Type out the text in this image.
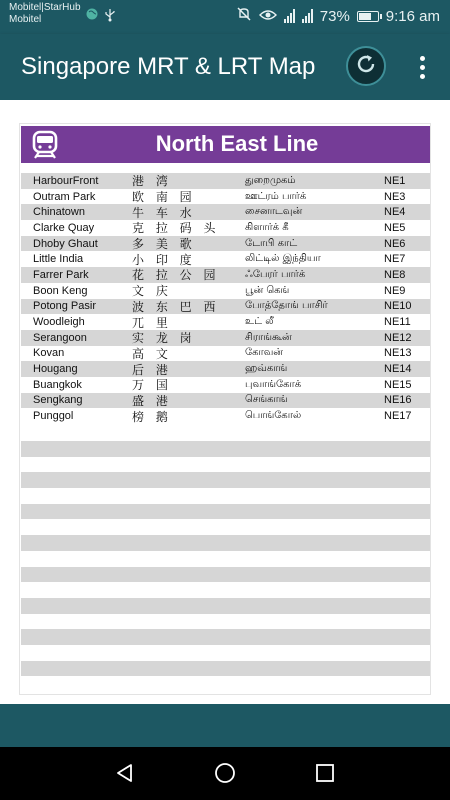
Mobitel|StarHub
Mobitel	73% 9:16 am
Singapore MRT & LRT Map
North East Line
HarbourFront	港 湾	துறைமுகம்	NE1
Outram Park	欧 南 园	ஊட்ரம் பார்க்	NE3
Chinatown	牛 车 水	சைனாடவுன்	NE4
Clarke Quay	克 拉 码 头	கிளார்க் கீ	NE5
Dhoby Ghaut	多 美 歌	டோபி காட்	NE6
Little India	小 印 度	லிட்டில் இந்தியா	NE7
Farrer Park	花 拉 公 园	ஃபேரர் பார்க்	NE8
Boon Keng	文 庆	பூன் கெங்	NE9
Potong Pasir	波 东 巴 西	போத்தோங் பாசிர்	NE10
Woodleigh	兀 里	உட் லீ	NE11
Serangoon	实 龙 岗	சிராங்கூன்	NE12
Kovan	高 文	கோவன்	NE13
Hougang	后 港	ஹவ்காங்	NE14
Buangkok	万 国	புவாங்கோக்	NE15
Sengkang	盛 港	செங்காங்	NE16
Punggol	榜 鹅	பொங்கோல்	NE17
